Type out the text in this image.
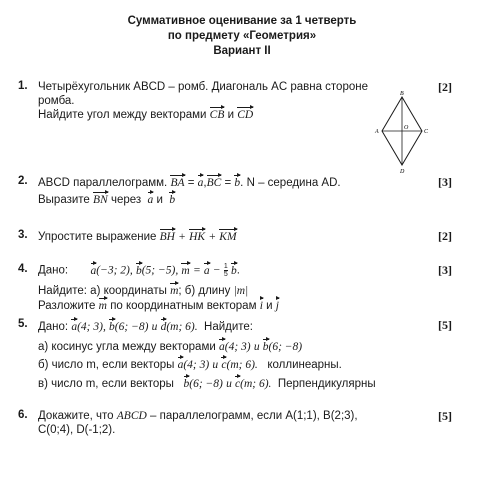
Суммативное оценивание за 1 четверть
по предмету «Геометрия»
Вариант II
1.	[2]
Четырёхугольник ABCD – ромб. Диагональ AC равна стороне
ромба.
Найдите угол между векторами CB и CD
B
A	C
D
O
2.	[3]
ABCD параллелограмм. BA = a,BC = b. N – середина AD.
Выразите BN через a и b
3.	[2]
Упростите выражение BH + HK + KM
4.	[3]
Дано: a(−3; 2), b(5; −5), $m = a - \frac{1}{5} b$.
Найдите: а) координаты m; б) длину |m|
Разложите m по координатным векторам i и j
5.	[5]
Дано: a(4; 3), b(6; −8) и d(m; 6). Найдите:
а) косинус угла между векторами a(4; 3) и b(6; −8)
б) число m, если векторы a(4; 3) и c(m; 6). коллинеарны.
в) число m, если векторы b(6; −8) и c(m; 6). Перпендикулярны
6.	[5]
Докажите, что ABCD – параллелограмм, если A(1;1), B(2;3),
C(0;4), D(-1;2).
